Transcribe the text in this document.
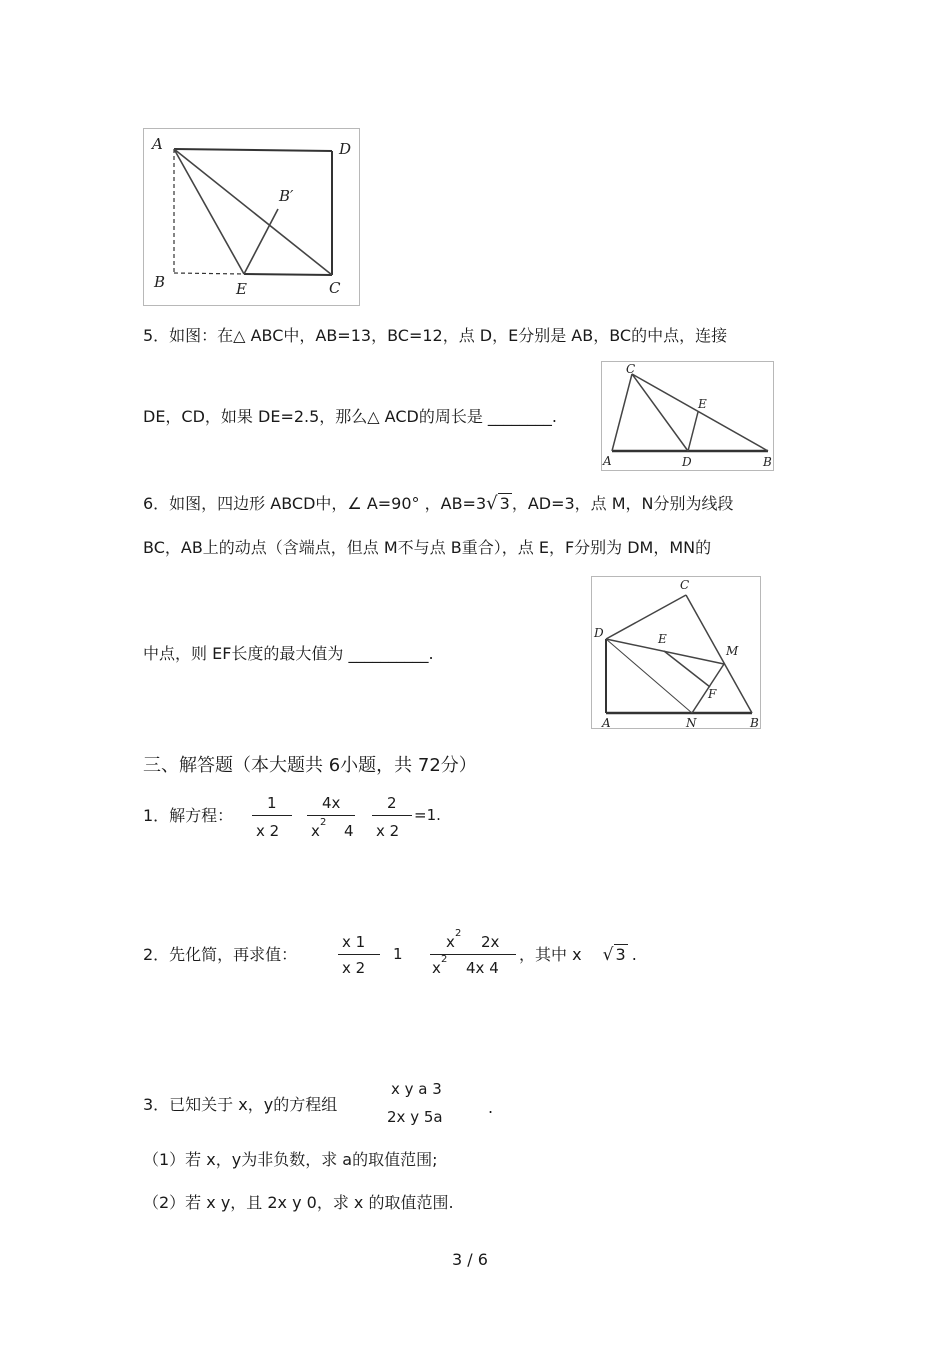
A	D
B′
B	E	C
5．如图：在△ ABC中，AB=13，BC=12，点 D，E分别是 AB，BC的中点，连接
DE，CD，如果 DE=2.5，那么△ ACD的周长是 ________.
C
E
A	D	B
6．如图，四边形 ABCD中，∠ A=90° ，AB=3√ 3 ，AD=3，点 M，N分别为线段
BC，AB上的动点（含端点，但点 M不与点 B重合），点 E，F分别为 DM，MN的
中点，则 EF长度的最大值为 __________.
C
D	E
M
F
A	N	B
三、解答题（本大题共 6小题，共 72分）
1．解方程：
1
x 2
4x
x 2 4
2
x 2
=1.
2．先化简，再求值：
x 1
x 2
1
x 2 2x
x 2 4x 4
，其中 x √ 3 .
3．已知关于 x，y的方程组
x y a 3
2x y 5a	.
（1）若 x，y为非负数，求 a的取值范围;
（2）若 x y，且 2x y 0，求 x 的取值范围.
3 / 6
